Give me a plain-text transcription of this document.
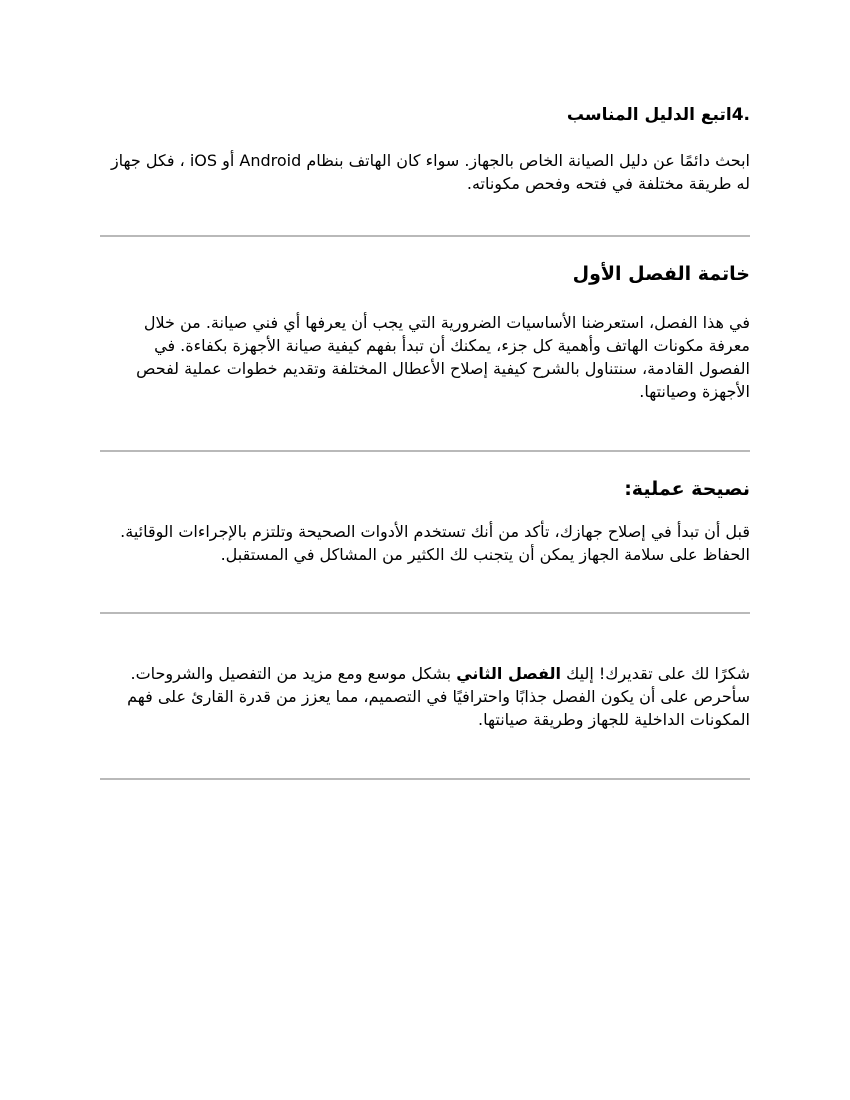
.4اتبع الدليل المناسب

ابحث دائمًا عن دليل الصيانة الخاص بالجهاز. سواء كان الهاتف بنظام Android أو iOS ، فكل جهاز له طريقة مختلفة في فتحه وفحص مكوناته.

خاتمة الفصل الأول

في هذا الفصل، استعرضنا الأساسيات الضرورية التي يجب أن يعرفها أي فني صيانة. من خلال معرفة مكونات الهاتف وأهمية كل جزء، يمكنك أن تبدأ بفهم كيفية صيانة الأجهزة بكفاءة. في الفصول القادمة، سنتناول بالشرح كيفية إصلاح الأعطال المختلفة وتقديم خطوات عملية لفحص الأجهزة وصيانتها.

نصيحة عملية:

قبل أن تبدأ في إصلاح جهازك، تأكد من أنك تستخدم الأدوات الصحيحة وتلتزم بالإجراءات الوقائية. الحفاظ على سلامة الجهاز يمكن أن يتجنب لك الكثير من المشاكل في المستقبل.

شكرًا لك على تقديرك! إليك الفصل الثاني بشكل موسع ومع مزيد من التفصيل والشروحات. سأحرص على أن يكون الفصل جذابًا واحترافيًا في التصميم، مما يعزز من قدرة القارئ على فهم المكونات الداخلية للجهاز وطريقة صيانتها.
